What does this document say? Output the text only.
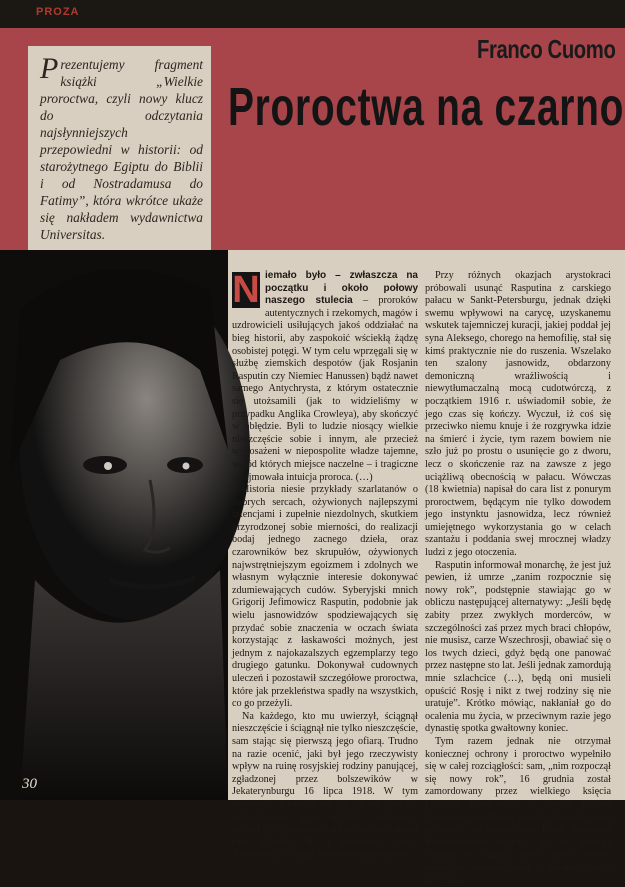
PROZA
Franco Cuomo
Proroctwa na czarno
Prezentujemy fragment książki „Wielkie proroctwa, czyli nowy klucz do odczytania najsłynniejszych przepowiedni w historii: od starożytnego Egiptu do Biblii i od Nostradamusa do Fatimy”, która wkrótce ukaże się nakładem wydawnictwa Universitas.

N iemało było – zwłaszcza na początku i około połowy naszego stulecia – proroków autentycznych i rzekomych, magów i uzdrowicieli usiłujących jakoś oddziałać na bieg historii, aby zaspokoić wściekłą żądzę osobistej potęgi. W tym celu wprzęgali się w służbę ziemskich despotów (jak Rosjanin Rasputin czy Niemiec Hanussen) bądź nawet samego Antychrysta, z którym ostatecznie się utożsamili (jak to widzieliśmy w przypadku Anglika Crowleya), aby skończyć w obłędzie. Byli to ludzie niosący wielkie nieszczęście sobie i innym, ale przecież wyposażeni w niepospolite władze tajemne, wśród których miejsce naczelne – i tragiczne – zajmowała intuicja proroca. (…)

Historia niesie przykłady szarlatanów o dobrych sercach, ożywionych najlepszymi intencjami i zupełnie niezdolnych, skutkiem przyrodzonej sobie mierności, do realizacji bodaj jednego zacnego dzieła, oraz czarowników bez skrupułów, ożywionych najwstrętniejszym egoizmem i zdolnych we własnym wyłącznie interesie dokonywać zdumiewających cudów. Syberyjski mnich Grigorij Jefimowicz Rasputin, podobnie jak wielu jasnowidzów spodziewających się przydać sobie znaczenia w oczach świata korzystając z łaskawości możnych, jest jednym z najokazalszych egzemplarzy tego drugiego gatunku. Dokonywał cudownych uleczeń i pozostawił szczegółowe proroctwa, które jak przekleństwa spadły na wszystkich, co go przeżyli.

Na każdego, kto mu uwierzył, ściągnął nieszczęście i ściągnął nie tylko nieszczęście, sam stając się pierwszą jego ofiarą. Trudno na razie ocenić, jaki był jego rzeczywisty wpływ na ruinę rosyjskiej rodziny panującej, zgładzonej przez bolszewików w Jekaterynburgu 16 lipca 1918. W tym momencie Rasputin nie żył już od dwu lat, zamordowany przez wybitne osobistości dworskie w spóźnionej już próbie uwolnienia cara Mikołaja II, a zwłaszcza carycy Aleksandry, od jego złowieszczego wpływu.

Przy różnych okazjach arystokraci próbowali usunąć Rasputina z carskiego pałacu w Sankt-Petersburgu, jednak dzięki swemu wpływowi na carycę, uzyskanemu wskutek tajemniczej kuracji, jakiej poddał jej syna Aleksego, chorego na hemofilię, stał się kimś praktycznie nie do ruszenia. Wszelako ten szalony jasnowidz, obdarzony demoniczną wrażliwością i niewytłumaczalną mocą cudotwórczą, z początkiem 1916 r. uświadomił sobie, że jego czas się kończy. Wyczuł, iż coś się przeciwko niemu knuje i że rozgrywka idzie na śmierć i życie, tym razem bowiem nie szło już po prostu o usunięcie go z dworu, lecz o skończenie raz na zawsze z jego uciążliwą obecnością w pałacu. Wówczas (18 kwietnia) napisał do cara list z ponurym proroctwem, będącym nie tylko dowodem jego instynktu jasnowidza, lecz również umiejętnego wykorzystania go w celach szantażu i poddania swej mrocznej władzy ludzi z jego otoczenia.

Rasputin informował monarchę, że jest już pewien, iż umrze „zanim rozpocznie się nowy rok”, podstępnie stawiając go w obliczu następującej alternatywy: „Jeśli będę zabity przez zwykłych morderców, w szczególności zaś przez mych braci chłopów, nie musisz, carze Wszechrosji, obawiać się o los twych dzieci, gdyż będą one panować przez następne sto lat. Jeśli jednak zamordują mnie szlachcice (…), będą oni musieli opuścić Rosję i nikt z twej rodziny się nie uratuje”. Krótko mówiąc, nakłaniał go do ocalenia mu życia, w przeciwnym razie jego dynastię spotka gwałtowny koniec.

Tym razem jednak nie otrzymał koniecznej ochrony i proroctwo wypełniło się w całej rozciągłości: sam, „nim rozpoczął się nowy rok”, 16 grudnia został zamordowany przez wielkiego księcia Dymitra Pawłowicza i księcia Feliksa Jusupowa; szlachcice zostali zmuszeni przez rewolucję do opuszczenia Rosji, natomiast Romanowowie wszyscy, co do jednego (łącznie ze służbą), zostali przez władze sowieckie zmasakrowani w Jekaterynburgu na Uralu.

30
